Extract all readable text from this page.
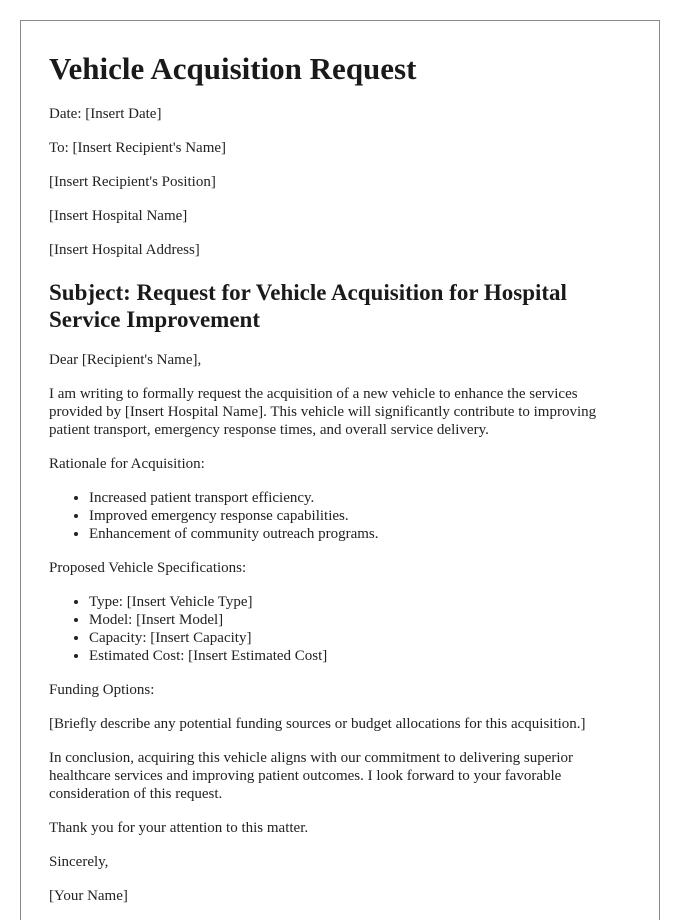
Vehicle Acquisition Request

Date: [Insert Date]

To: [Insert Recipient's Name]

[Insert Recipient's Position]

[Insert Hospital Name]

[Insert Hospital Address]

Subject: Request for Vehicle Acquisition for Hospital Service Improvement

Dear [Recipient's Name],

I am writing to formally request the acquisition of a new vehicle to enhance the services provided by [Insert Hospital Name]. This vehicle will significantly contribute to improving patient transport, emergency response times, and overall service delivery.

Rationale for Acquisition:

• Increased patient transport efficiency.
• Improved emergency response capabilities.
• Enhancement of community outreach programs.

Proposed Vehicle Specifications:

• Type: [Insert Vehicle Type]
• Model: [Insert Model]
• Capacity: [Insert Capacity]
• Estimated Cost: [Insert Estimated Cost]

Funding Options:

[Briefly describe any potential funding sources or budget allocations for this acquisition.]

In conclusion, acquiring this vehicle aligns with our commitment to delivering superior healthcare services and improving patient outcomes. I look forward to your favorable consideration of this request.

Thank you for your attention to this matter.

Sincerely,

[Your Name]
